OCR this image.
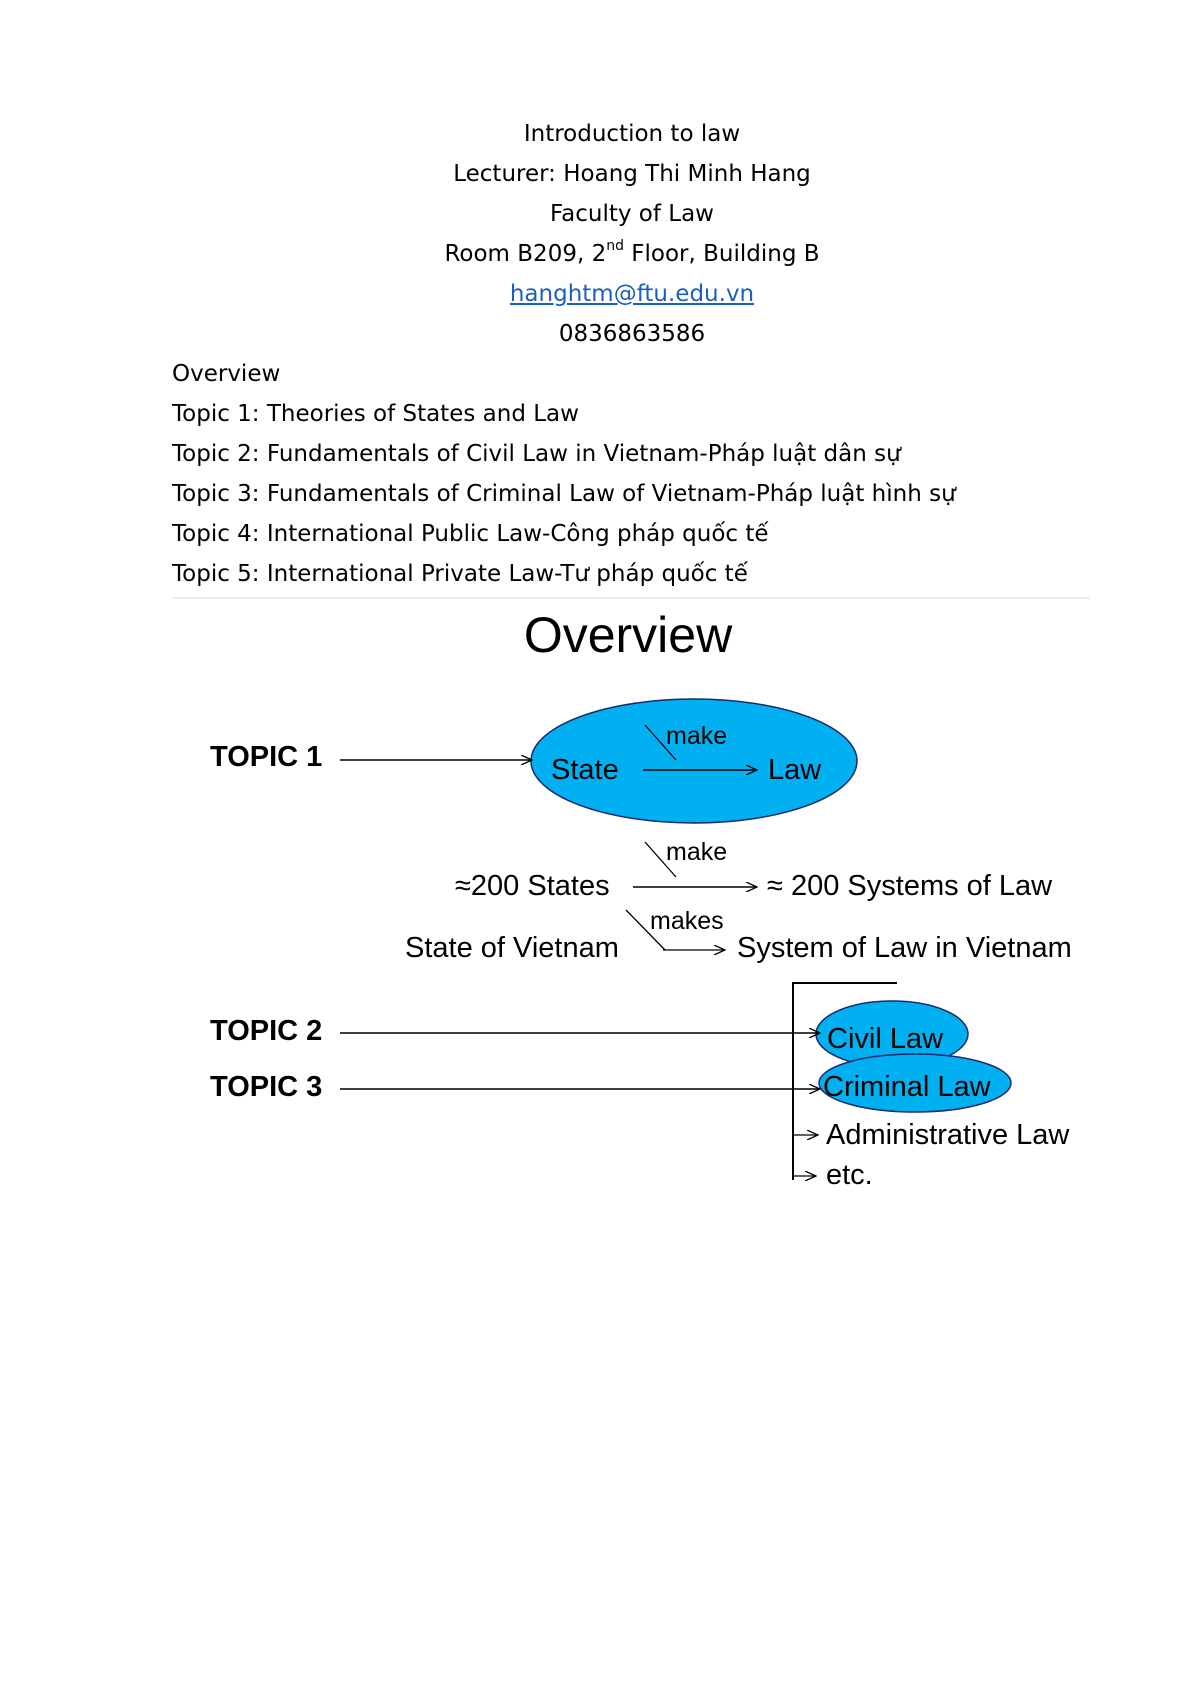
Introduction to law
Lecturer: Hoang Thi Minh Hang
Faculty of Law
Room B209, 2nd Floor, Building B
hanghtm@ftu.edu.vn
0836863586
Overview
Topic 1: Theories of States and Law
Topic 2: Fundamentals of Civil Law in Vietnam-Pháp luật dân sự
Topic 3: Fundamentals of Criminal Law of Vietnam-Pháp luật hình sự
Topic 4: International Public Law-Công pháp quốc tế
Topic 5: International Private Law-Tư pháp quốc tế
Overview
TOPIC 1	State	Law
make
make
≈200 States	≈ 200 Systems of Law
makes
State of Vietnam	System of Law in Vietnam
TOPIC 2	Civil Law
TOPIC 3	Criminal Law
Administrative Law
etc.
